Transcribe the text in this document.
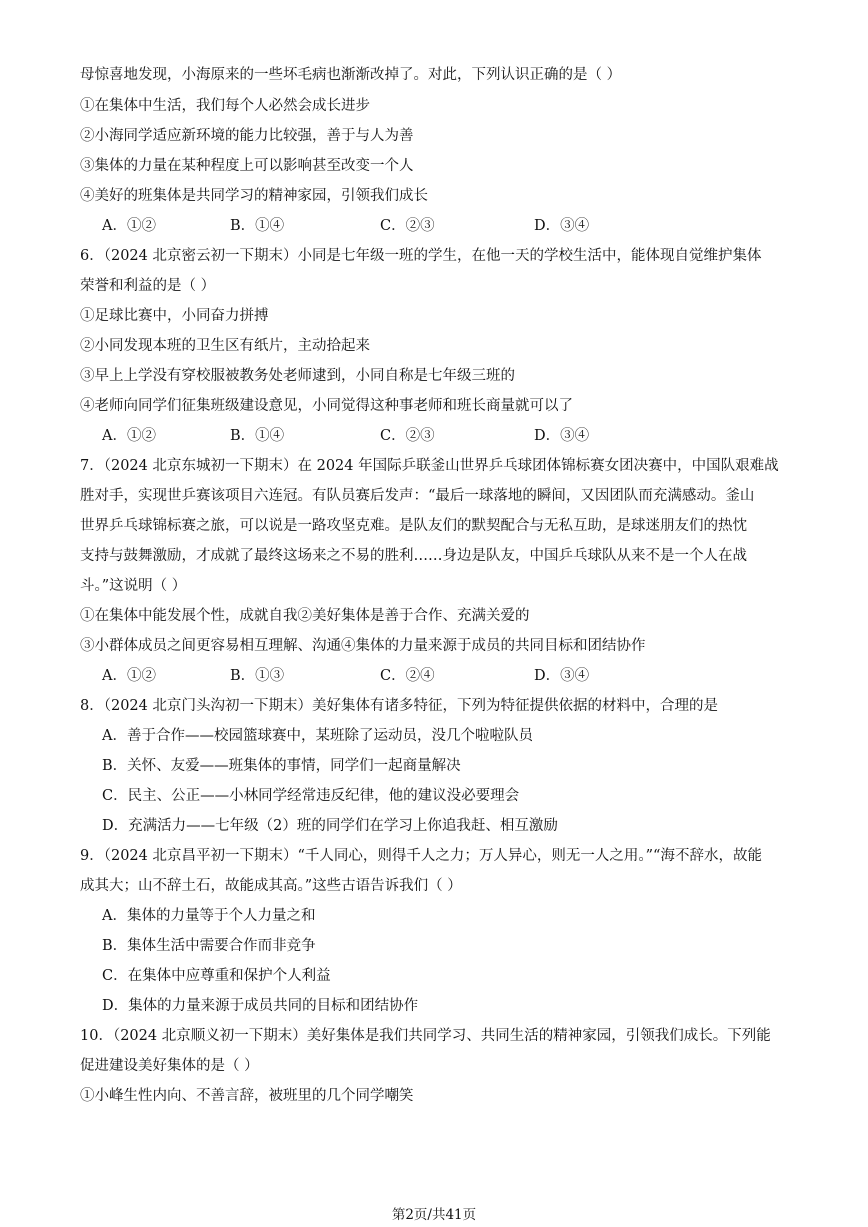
母惊喜地发现，小海原来的一些坏毛病也渐渐改掉了。对此，下列认识正确的是（ ）
①在集体中生活，我们每个人必然会成长进步
②小海同学适应新环境的能力比较强，善于与人为善
③集体的力量在某种程度上可以影响甚至改变一个人
④美好的班集体是共同学习的精神家园，引领我们成长
A．①②	B．①④	C．②③	D．③④
6．（2024 北京密云初一下期末）小同是七年级一班的学生，在他一天的学校生活中，能体现自觉维护集体
荣誉和利益的是（ ）
①足球比赛中，小同奋力拼搏
②小同发现本班的卫生区有纸片，主动拾起来
③早上上学没有穿校服被教务处老师逮到，小同自称是七年级三班的
④老师向同学们征集班级建设意见，小同觉得这种事老师和班长商量就可以了
A．①②	B．①④	C．②③	D．③④
7．（2024 北京东城初一下期末）在 2024 年国际乒联釜山世界乒乓球团体锦标赛女团决赛中，中国队艰难战
胜对手，实现世乒赛该项目六连冠。有队员赛后发声：“最后一球落地的瞬间，又因团队而充满感动。釜山
世界乒乓球锦标赛之旅，可以说是一路攻坚克难。是队友们的默契配合与无私互助，是球迷朋友们的热忱
支持与鼓舞激励，才成就了最终这场来之不易的胜利……身边是队友，中国乒乓球队从来不是一个人在战
斗。”这说明（ ）
①在集体中能发展个性，成就自我②美好集体是善于合作、充满关爱的
③小群体成员之间更容易相互理解、沟通④集体的力量来源于成员的共同目标和团结协作
A．①②	B．①③	C．②④	D．③④
8．（2024 北京门头沟初一下期末）美好集体有诸多特征，下列为特征提供依据的材料中，合理的是
A．善于合作——校园篮球赛中，某班除了运动员，没几个啦啦队员
B．关怀、友爱——班集体的事情，同学们一起商量解决
C．民主、公正——小林同学经常违反纪律，他的建议没必要理会
D．充满活力——七年级（2）班的同学们在学习上你追我赶、相互激励
9．（2024 北京昌平初一下期末）“千人同心，则得千人之力；万人异心，则无一人之用。”“海不辞水，故能
成其大；山不辞土石，故能成其高。”这些古语告诉我们（ ）
A．集体的力量等于个人力量之和
B．集体生活中需要合作而非竞争
C．在集体中应尊重和保护个人利益
D．集体的力量来源于成员共同的目标和团结协作
10．（2024 北京顺义初一下期末）美好集体是我们共同学习、共同生活的精神家园，引领我们成长。下列能
促进建设美好集体的是（ ）
①小峰生性内向、不善言辞，被班里的几个同学嘲笑
第2页/共41页
